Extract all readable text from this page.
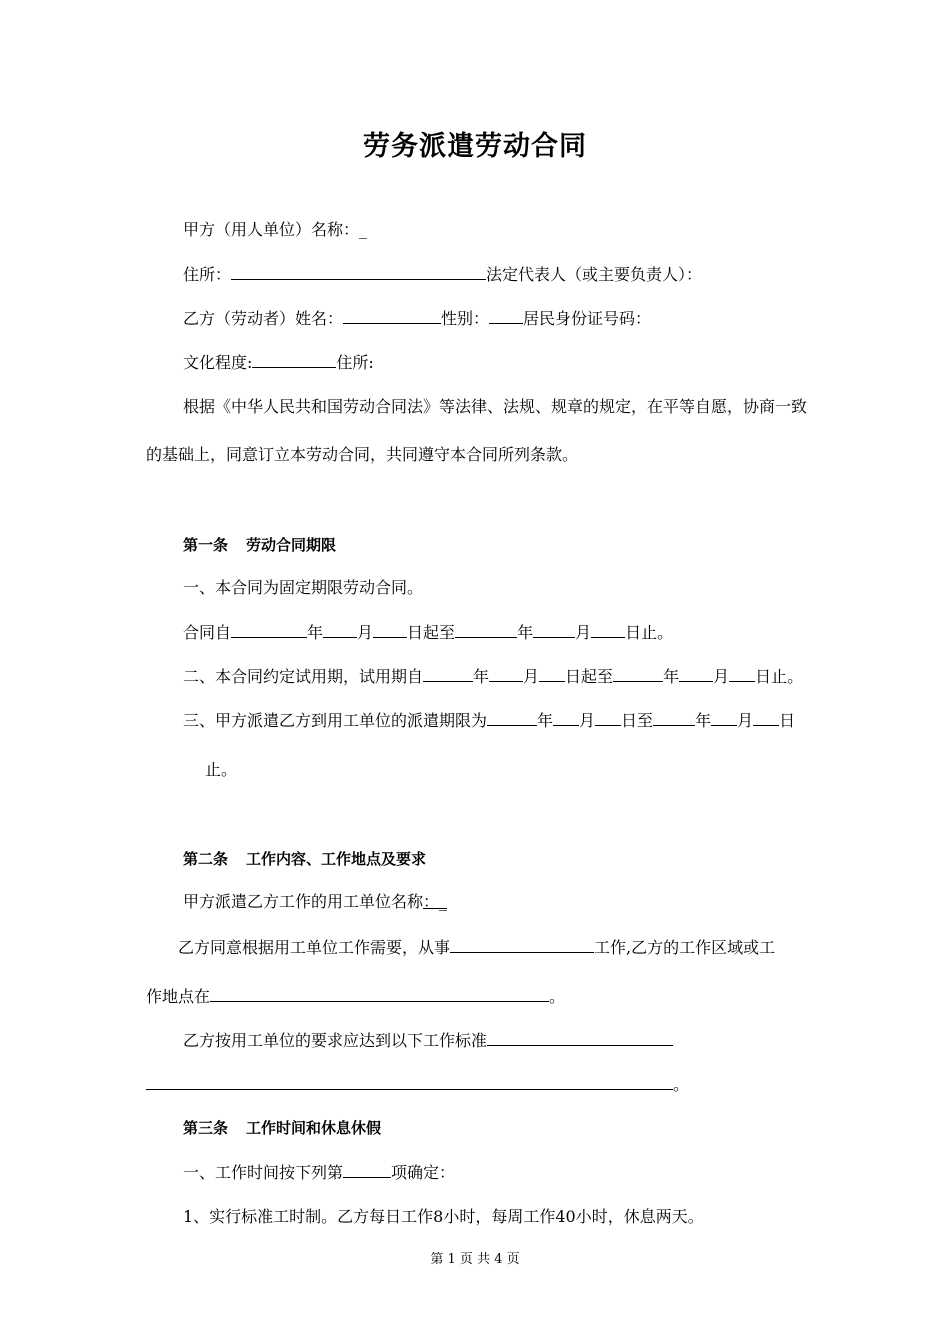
劳务派遣劳动合同
甲方（用人单位）名称：_
住所：	法定代表人（或主要负责人）：
乙方（劳动者）姓名：	性别： 居民身份证号码：
文化程度:	住所:
根据《中华人民共和国劳动合同法》等法律、法规、规章的规定，在平等自愿，协商一致
的基础上，同意订立本劳动合同，共同遵守本合同所列条款。
第一条 劳动合同期限
一、本合同为固定期限劳动合同。
合同自	年 月 日起至	年	月 日止。
二、本合同约定试用期，试用期自	年 月 日起至	年 月 日止。
三、甲方派遣乙方到用工单位的派遣期限为	年 月 日至	年 月 日
止。
第二条 工作内容、工作地点及要求
甲方派遣乙方工作的用工单位名称：_
乙方同意根据用工单位工作需要，从事	工作,乙方的工作区域或工
作地点在	。
乙方按用工单位的要求应达到以下工作标准
。
第三条 工作时间和休息休假
一、工作时间按下列第	项确定：
1、实行标准工时制。乙方每日工作8小时，每周工作40小时，休息两天。
第 1 页 共 4 页
